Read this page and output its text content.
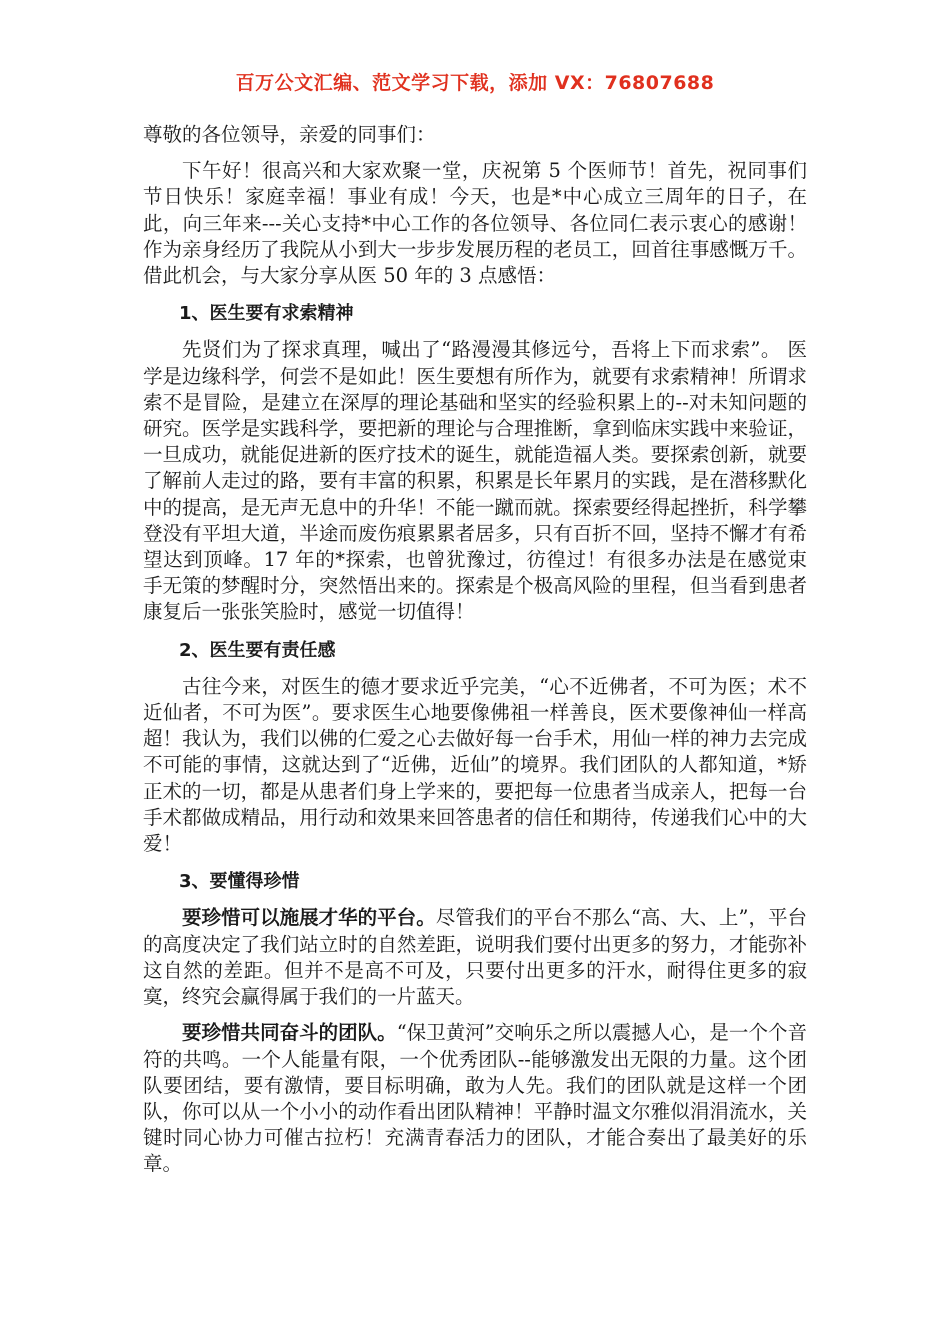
百万公文汇编、范文学习下载，添加 VX：76807688

尊敬的各位领导，亲爱的同事们：

下午好！很高兴和大家欢聚一堂，庆祝第 5 个医师节！首先，祝同事们节日快乐！家庭幸福！事业有成！今天，也是*中心成立三周年的日子，在此，向三年来---关心支持*中心工作的各位领导、各位同仁表示衷心的感谢！作为亲身经历了我院从小到大一步步发展历程的老员工，回首往事感慨万千。借此机会，与大家分享从医 50 年的 3 点感悟：

1、医生要有求索精神

先贤们为了探求真理，喊出了“路漫漫其修远兮，吾将上下而求索”。 医学是边缘科学，何尝不是如此！医生要想有所作为，就要有求索精神！所谓求索不是冒险，是建立在深厚的理论基础和坚实的经验积累上的--对未知问题的研究。医学是实践科学，要把新的理论与合理推断，拿到临床实践中来验证，一旦成功，就能促进新的医疗技术的诞生，就能造福人类。要探索创新，就要了解前人走过的路，要有丰富的积累，积累是长年累月的实践，是在潜移默化中的提高，是无声无息中的升华！不能一蹴而就。探索要经得起挫折，科学攀登没有平坦大道，半途而废伤痕累累者居多，只有百折不回，坚持不懈才有希望达到顶峰。17 年的*探索，也曾犹豫过，彷徨过！有很多办法是在感觉束手无策的梦醒时分，突然悟出来的。探索是个极高风险的里程，但当看到患者康复后一张张笑脸时，感觉一切值得！

2、医生要有责任感

古往今来，对医生的德才要求近乎完美，“心不近佛者，不可为医；术不近仙者，不可为医”。要求医生心地要像佛祖一样善良，医术要像神仙一样高超！我认为，我们以佛的仁爱之心去做好每一台手术，用仙一样的神力去完成不可能的事情，这就达到了“近佛，近仙”的境界。我们团队的人都知道，*矫正术的一切，都是从患者们身上学来的，要把每一位患者当成亲人，把每一台手术都做成精品，用行动和效果来回答患者的信任和期待，传递我们心中的大爱！

3、要懂得珍惜

要珍惜可以施展才华的平台。尽管我们的平台不那么“高、大、上”，平台的高度决定了我们站立时的自然差距，说明我们要付出更多的努力，才能弥补这自然的差距。但并不是高不可及，只要付出更多的汗水，耐得住更多的寂寞，终究会赢得属于我们的一片蓝天。

要珍惜共同奋斗的团队。“保卫黄河”交响乐之所以震撼人心，是一个个音符的共鸣。一个人能量有限，一个优秀团队--能够激发出无限的力量。这个团队要团结，要有激情，要目标明确，敢为人先。我们的团队就是这样一个团队，你可以从一个小小的动作看出团队精神！平静时温文尔雅似涓涓流水，关键时同心协力可催古拉朽！充满青春活力的团队，才能合奏出了最美好的乐章。
